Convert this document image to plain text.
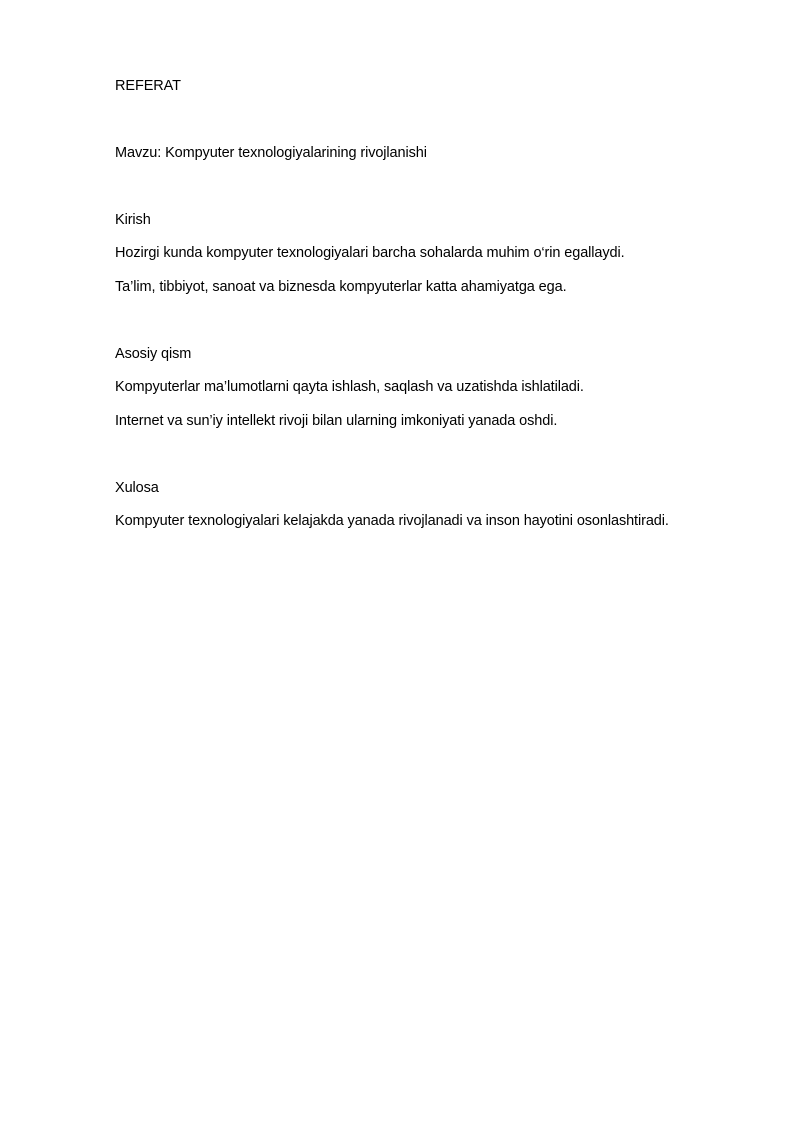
REFERAT

Mavzu: Kompyuter texnologiyalarining rivojlanishi

Kirish

Hozirgi kunda kompyuter texnologiyalari barcha sohalarda muhim o‘rin egallaydi.

Ta’lim, tibbiyot, sanoat va biznesda kompyuterlar katta ahamiyatga ega.

Asosiy qism

Kompyuterlar ma’lumotlarni qayta ishlash, saqlash va uzatishda ishlatiladi.

Internet va sun’iy intellekt rivoji bilan ularning imkoniyati yanada oshdi.

Xulosa

Kompyuter texnologiyalari kelajakda yanada rivojlanadi va inson hayotini osonlashtiradi.
